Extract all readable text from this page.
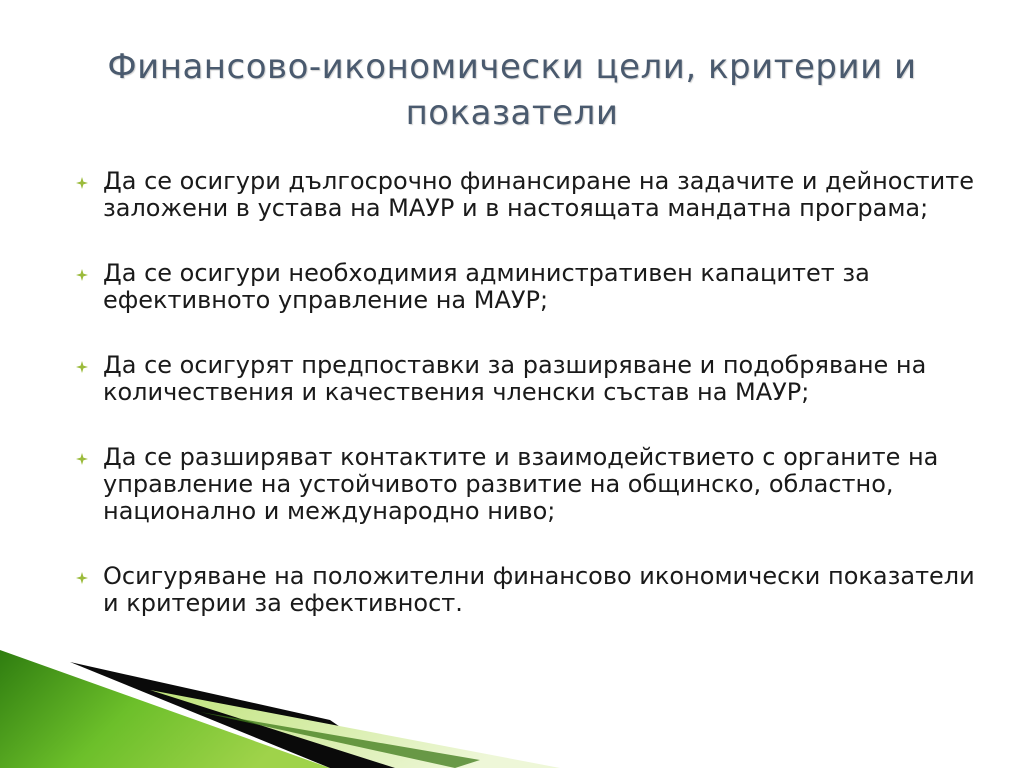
Финансово-икономически цели, критерии и показатели
Да се осигури дългосрочно финансиране на задачите и дейностите заложени в устава на МАУР и в настоящата мандатна програма;
Да се осигури необходимия административен капацитет за ефективното управление на МАУР;
Да се осигурят предпоставки за разширяване и подобряване на количествения и качествения членски състав на МАУР;
Да се разширяват контактите и взаимодействието с органите на управление на устойчивото развитие на общинско, областно, национално и международно ниво;
Осигуряване на положителни финансово икономически показатели и критерии за ефективност.
